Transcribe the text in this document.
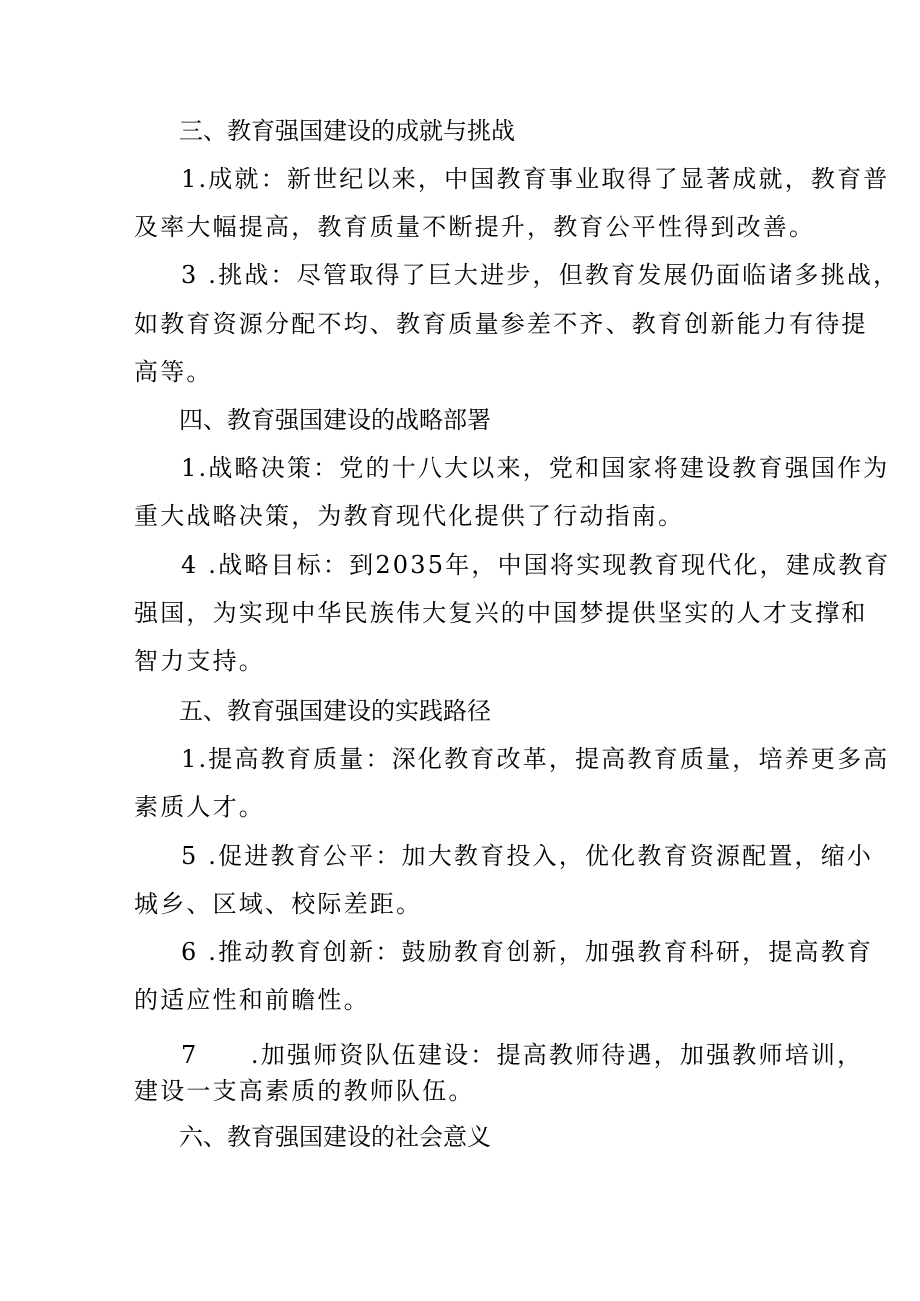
三、教育强国建设的成就与挑战
1.成就：新世纪以来，中国教育事业取得了显著成就，教育普
及率大幅提高，教育质量不断提升，教育公平性得到改善。
3 .挑战：尽管取得了巨大进步，但教育发展仍面临诸多挑战，
如教育资源分配不均、教育质量参差不齐、教育创新能力有待提
高等。
四、教育强国建设的战略部署
1.战略决策：党的十八大以来，党和国家将建设教育强国作为
重大战略决策，为教育现代化提供了行动指南。
4 .战略目标：到2035年，中国将实现教育现代化，建成教育
强国，为实现中华民族伟大复兴的中国梦提供坚实的人才支撑和
智力支持。
五、教育强国建设的实践路径
1.提高教育质量：深化教育改革，提高教育质量，培养更多高
素质人才。
5 .促进教育公平：加大教育投入，优化教育资源配置，缩小
城乡、区域、校际差距。
6 .推动教育创新：鼓励教育创新，加强教育科研，提高教育
的适应性和前瞻性。
7　　.加强师资队伍建设：提高教师待遇，加强教师培训，
建设一支高素质的教师队伍。
六、教育强国建设的社会意义
